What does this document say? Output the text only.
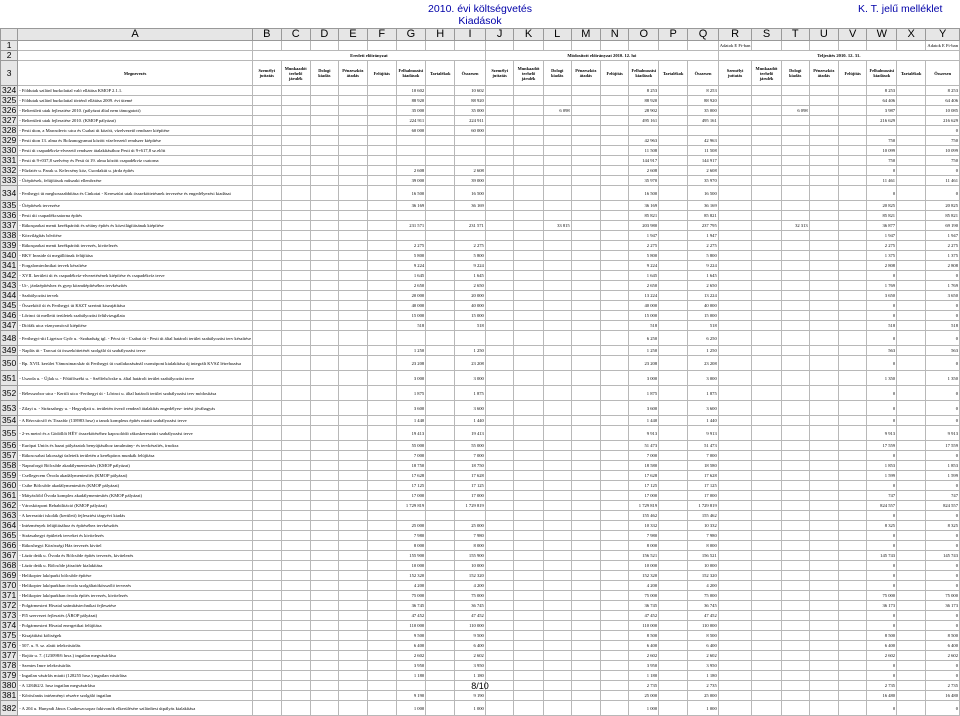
2010. évi költségvetés
Kiadások
K. T. jelű melléklet
	A	B	C	D	E	F	G	H	I	J	K	L	M	N	O	P	Q	R	S	T	U	V	W	X	Y
1																		Adatok E Ft-ban							Adatok E Ft-ban
2		Eredeti előirányzat								Módosított előirányzat 2010. 12. hó								Teljesítés 2010. 12. 31.							
3	Megnevezés	Személyi juttatás	Munkaadót terhelő járulék	Dologi kiadás	Pénzeszköz átadás	Felújítás	Felhalmozási kiadások	Tartalékok	Összesen	Személyi juttatás	Munkaadót terhelő járulék	Dologi kiadás	Pénzeszköz átadás	Felújítás	Felhalmozási kiadások	Tartalékok	Összesen	Személyi juttatás	Munkaadót terhelő járulék	Dologi kiadás	Pénzeszköz átadás	Felújítás	Felhalmozási kiadások	Tartalékok	Összesen
324	- Földutak szilárd burkolattal való ellátása KMOP 2.1.1.						10 602		10 602						8 253		8 253						8 253		8 253
325	- Földutak szilárd burkolattal történő ellátása 2009. évi ütemé						88 920		88 920						88 920		88 920						64 406		64 406
326	- Belterületi utak fejlesztése 2010. (pályázat által nem támogatott)						35 000		35 000			6 098			28 902		35 000			6 098			3 987		10 085
327	- Belterületi utak fejlesztése 2010. (KMOP pályázat)						224 911		224 911						495 161		495 161						216 629		216 629
328	- Pesti úton, a Marosdevic utca és Csabai út között, vízelvezető rendszer kiépítése						60 000		60 000																0
329	- Pesti úton 13. alma és Bolzanogyamat között vízelvezető rendszer kiépítése														42 963		42 963						750		750
330	- Pesti út csapadékvíz-elvezető rendszer átalakításához Pesti út 9+617,8 sz.előtt														11 508		11 508						10 099		10 099
331	- Pesti út 9+037,8 szelvény és Pesti út 19. alma között csapadékvíz csatorna														144 917		144 917						750		750
332	- Fűzfatér u. Parak u. Kelecsény köz, Csordakút u. járda építés						2 608		2 608						2 608		2 608						0		0
333	- Útépítések, felújítások műszaki ellenőrzése						39 000		39 000						35 970		35 970						11 461		11 461
334	- Ferihegyi út meghosszabbítása és Cinkotai - Keresztúri utak összeköttetésnek tervezése és engedélyezési kiadásai						16 500		16 500						16 500		16 500						0		0
335	- Útépítések tervezése						36 169		36 169						36 169		36 169						20 825		20 825
336	- Pesti úti csapadékcsatorna építés														85 821		85 821						85 821		85 821
337	- Rákosparkai menti kerékpáróút és sétány építés és közvilágításának kiépítése						231 571		231 571			33 815			203 980		237 795			32 313			36 877		69 190
338	- Közvilágítás bővítése														1 947		1 947						1 947		1 947
339	- Rákosparkai menti kerékpáróút tervezés, kivitelezés						2 275		2 275						2 275		2 275						2 275		2 275
340	- BKV Innside út megállóinak felújítása						5 800		5 800						5 800		5 800						1 375		1 375
341	- Forgalomtechnikai tervek készítése						9 224		9 224						9 224		9 224						2 808		2 808
342	- XVII. kerületi út és csapadékvíz-elvezetésének kiépítése és csapadékvíz terve						1 645		1 645						1 645		1 645						0		0
343	- Ut-, járdaépítéshez és gyep közműépítéséhez tervkészítés						2 650		2 650						2 650		2 650						1 769		1 769
344	- Szabályozási tervek						20 000		20 000						13 224		13 224						3 650		3 650
345	- Összekötő út és Ferihegyi út KSZT szerinti kiszajátítása						40 000		40 000						40 000		40 000						0		0
346	- Lőrinci út melletti területek szabályozási felülvizsgálata						15 000		15 000						15 000		15 000						0		0
347	- Diófák utca víznyomócső kiépítése						518		518						518		518						518		518
348	- Ferihegyi-úti Ligetsor Győr u. -Szabadság tgl. - Pécsi út - Csabai út - Pesti út által határolt terület szabályozási terv készítése														6 250		6 250						0		0
349	- Naplás út - Tarcsai út összeköttetését szolgáló út szabályozási terve						1 250		1 250						1 250		1 250						563		563
350	- Bp. XVII. kerület Vámosimacskár út Ferihegyi út csatlakozásánál csomópont kialakítása új integrált KVSZ létrehozása						23 208		23 208						23 208		23 208						0		0
351	- Uszoda u. - Újlak u. - Főútfőszéki u. - Szélfelsőcske u. által határolt terület szabályozási terve						3 000		3 000						3 000		3 000						1 350		1 350
352	- Bélesszobor utca - Kertili utca -Ferihegyi út - Lőrinci u. által határolt terület szabályozási terv módosítása						1 875		1 875						1 875		1 875						0		0
353	- Zilayi u. - Strázsahegy u. - Hegyaljatt u. területén övező rendező átalakítás engedélyez- tetési jóváhagyás						3 600		3 600						3 600		3 600						0		0
354	- A Rézcsúcsfő és Tiszafúr (138983 hrsz) a tanok kompleus építés miatti szabályozási terve						1 440		1 440						1 440		1 440						0		0
355	- 2-es metró és a Gödöllői HÉV összekötéséhez kapcsolódó rákoskeresztúri szabályozási terve						19 413		19 413						9 913		9 913						9 913		9 913
356	- Európai Uniós és hazai pályázatok benyújtásához tanulmány- és tervkészítés, írnoksz						55 000		55 000						51 473		51 473						17 559		17 559
357	- Rákoscsabai lakossági üzleteik területén a kerékpáros munkák felújítása						7 000		7 000						7 000		7 000						0		0
358	- Napraforgó Bölcsőde akadálymentesítés (KMOP pályázat)						18 750		18 750						18 580		18 580						1 853		1 853
359	- Csellegecem Óvoda akadálymentesítés (KMOP pályázat)						17 628		17 628						17 628		17 628						1 599		1 599
360	- Csibe Bölcsőde akadálymentesítés (KMOP pályázat)						17 125		17 125						17 125		17 125						0		0
361	- Mátyásföld Óvoda komplex akadálymentesítés (KMOP pályázat)						17 000		17 000						17 000		17 000						747		747
362	- Városközpont Rehabilitáció (KMOP pályázat)						1 729 819		1 729 819						1 729 819		1 729 819						824 557		824 557
363	- A keresztúri iskolák (kerületi) fejlesztési tárgyévi kiadás														155 462		155 462						0		0
364	- Intézmények felújításához és építéséhez tervkészítés						25 000		25 000						10 332		10 332						8 325		8 325
365	- Strázsahegyi épületek terveket és kivitelezés						7 980		7 980						7 980		7 980						0		0
366	- Rákoshegyi Közösségi Ház tervezés kivitel						8 000		8 000						8 000		8 000						0		0
367	- Lázár deák u. Óvoda és Bölcsőde építés tervezés, kivitelezés						155 900		155 900						156 521		156 521						145 743		145 743
368	- Lázár deák u. Bölcsőde játszótér kialakítása						10 000		10 000						10 000		10 000						0		0
369	- Helikopter lakóparki bölcsőde építése						152 320		152 320						152 320		152 320						0		0
370	- Helikopter lakóparkban óvoda szolgáltatókösszóló tervezés						4 200		4 200						4 200		4 200						0		0
371	- Helikopter lakóparkban óvoda építés tervezés, kivitelezés						75 000		75 000						75 000		75 000						75 000		75 000
372	- Polgármesteri Hivatal számítástechnikai fejlesztése						36 745		36 745						36 745		36 745						36 173		36 173
373	- Pl5 szervezet fejlesztés (ÁROP pályázat)						47 452		47 452						47 452		47 452						0		0
374	- Polgármesteri Hivatal energetikai felújítása						110 000		110 000						110 000		110 000						0		0
375	- Kisajátítási költségek						9 500		9 500						8 500		8 500						8 500		8 500
376	- 507. u. 9. sz. alatti telekvásárlás						6 400		6 400						6 400		6 400						6 400		6 400
377	- Bojtár u. 7. (123098/6 hrsz.) ingatlan megvásárlása						2 602		2 602						2 602		2 602						2 602		2 602
378	- Szentes Imre telekvásárlás						3 950		3 950						3 950		3 950						0		0
379	- Ingatlan vásárlás miatti (128255 hrsz.) ingatlan vásárlása						1 180		1 180						1 180		1 180						0		0
380	- A 128462/2. hrsz ingatlan megvásárlása														2 735		2 735						2 735		2 735
381	- Kőrösfanüs intézményi részére szolgáló ingatlan						9 190		9 190						25 000		25 000						16 480		16 480
382	- A 204 u. Hunyadi János Csatkeszcsopar fakivonók elkerülésére szilárdtest útpályás kialakítása						1 000		1 000						1 000		1 000						0		0
8/10
